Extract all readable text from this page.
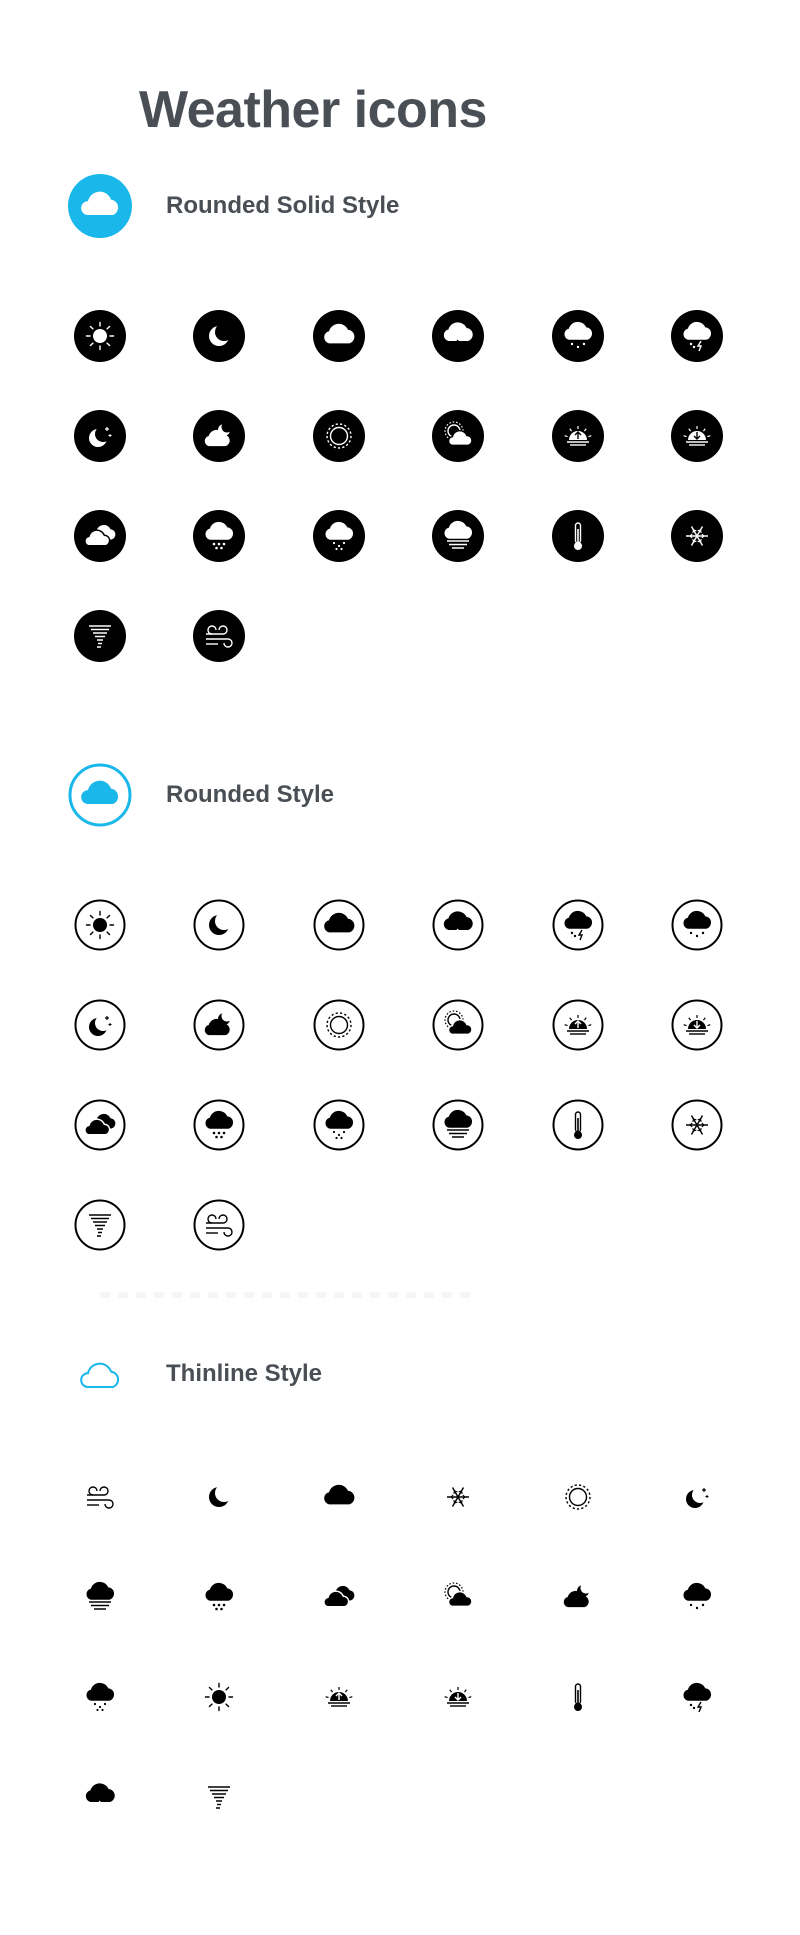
Weather icons
Rounded Solid Style
Rounded Style
Thinline Style
